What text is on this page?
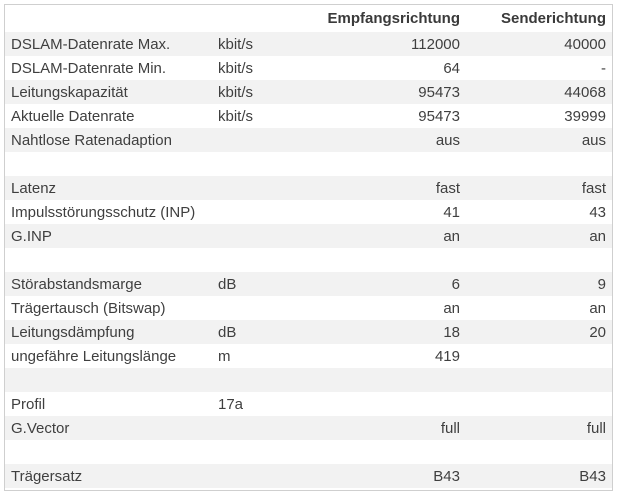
		Empfangsrichtung	Senderichtung
DSLAM-Datenrate Max.	kbit/s	112000	40000
DSLAM-Datenrate Min.	kbit/s	64	-
Leitungskapazität	kbit/s	95473	44068
Aktuelle Datenrate	kbit/s	95473	39999
Nahtlose Ratenadaption		aus	aus

Latenz		fast	fast
Impulsstörungsschutz (INP)		41	43
G.INP		an	an

Störabstandsmarge	dB	6	9
Trägertausch (Bitswap)		an	an
Leitungsdämpfung	dB	18	20
ungefähre Leitungslänge	m	419	

Profil	17a		
G.Vector		full	full

Trägersatz		B43	B43
